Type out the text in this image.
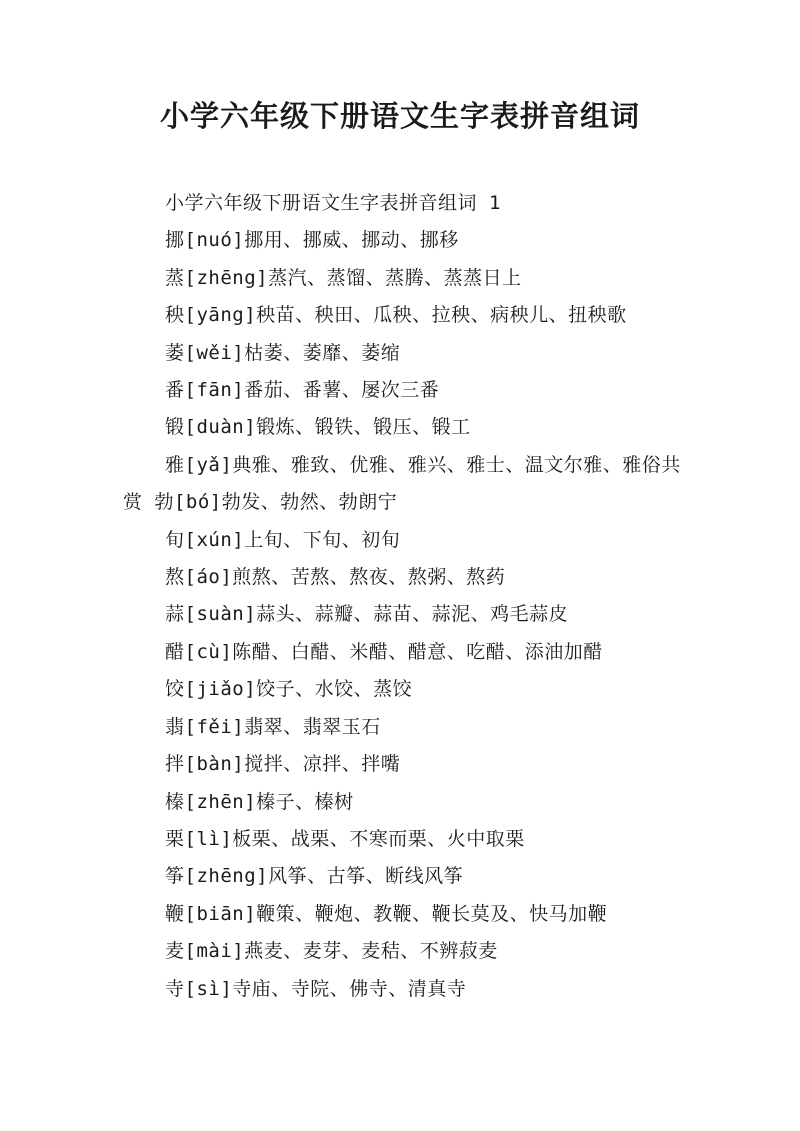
小学六年级下册语文生字表拼音组词

小学六年级下册语文生字表拼音组词 1

挪[nuó]挪用、挪威、挪动、挪移

蒸[zhēng]蒸汽、蒸馏、蒸腾、蒸蒸日上

秧[yāng]秧苗、秧田、瓜秧、拉秧、病秧儿、扭秧歌

萎[wěi]枯萎、萎靡、萎缩

番[fān]番茄、番薯、屡次三番

锻[duàn]锻炼、锻铁、锻压、锻工

雅[yǎ]典雅、雅致、优雅、雅兴、雅士、温文尔雅、雅俗共赏 勃[bó]勃发、勃然、勃朗宁

旬[xún]上旬、下旬、初旬

熬[áo]煎熬、苦熬、熬夜、熬粥、熬药

蒜[suàn]蒜头、蒜瓣、蒜苗、蒜泥、鸡毛蒜皮

醋[cù]陈醋、白醋、米醋、醋意、吃醋、添油加醋

饺[jiǎo]饺子、水饺、蒸饺

翡[fěi]翡翠、翡翠玉石

拌[bàn]搅拌、凉拌、拌嘴

榛[zhēn]榛子、榛树

栗[lì]板栗、战栗、不寒而栗、火中取栗

筝[zhēng]风筝、古筝、断线风筝

鞭[biān]鞭策、鞭炮、教鞭、鞭长莫及、快马加鞭

麦[mài]燕麦、麦芽、麦秸、不辨菽麦

寺[sì]寺庙、寺院、佛寺、清真寺
